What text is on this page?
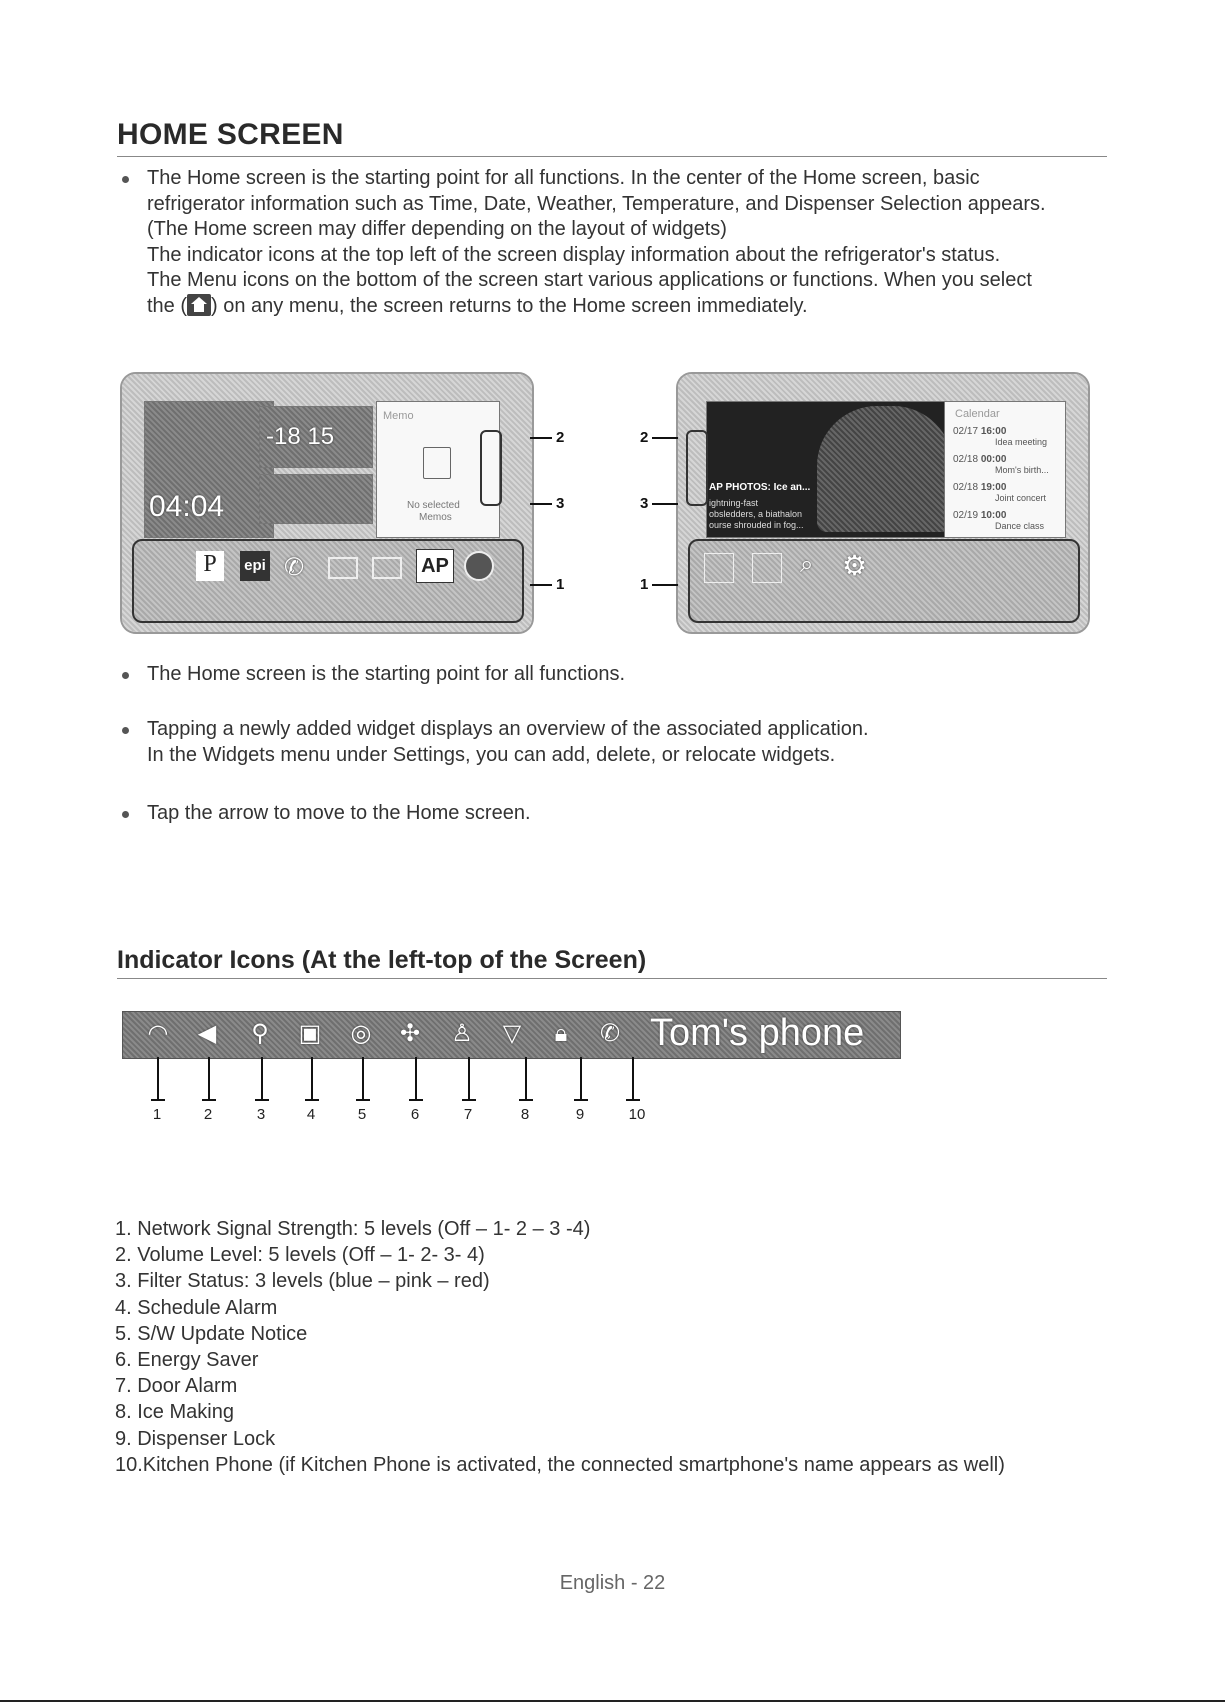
HOME SCREEN
The Home screen is the starting point for all functions. In the center of the Home screen, basic
refrigerator information such as Time, Date, Weather, Temperature, and Dispenser Selection appears.
(The Home screen may differ depending on the layout of widgets)
The indicator icons at the top left of the screen display information about the refrigerator's status.
The Menu icons on the bottom of the screen start various applications or functions. When you select
the ( ) on any menu, the screen returns to the Home screen immediately.
04:04
-18 15
Memo
No selected
Memos
P	epi ✆	AP
2
3
1
AP PHOTOS: Ice an...
ightning-fast
obsledders, a biathalon
ourse shrouded in fog...
Calendar
02/17 16:00
Idea meeting
02/18 00:00
Mom's birth...
02/18 19:00
Joint concert
02/19 10:00
Dance class
⌕ ⚙
2
3
1
The Home screen is the starting point for all functions.
Tapping a newly added widget displays an overview of the associated application.
In the Widgets menu under Settings, you can add, delete, or relocate widgets.
Tap the arrow to move to the Home screen.
Indicator Icons (At the left-top of the Screen)
◠	◀	⚲	▣	◎	✣	♙	▽	🔒︎	✆ Tom's phone
1	2	3	4	5	6	7	8	9	10
1. Network Signal Strength: 5 levels (Off – 1- 2 – 3 -4)
2. Volume Level: 5 levels (Off – 1- 2- 3- 4)
3. Filter Status: 3 levels (blue – pink – red)
4. Schedule Alarm
5. S/W Update Notice
6. Energy Saver
7. Door Alarm
8. Ice Making
9. Dispenser Lock
10.Kitchen Phone (if Kitchen Phone is activated, the connected smartphone's name appears as well)
English - 22
